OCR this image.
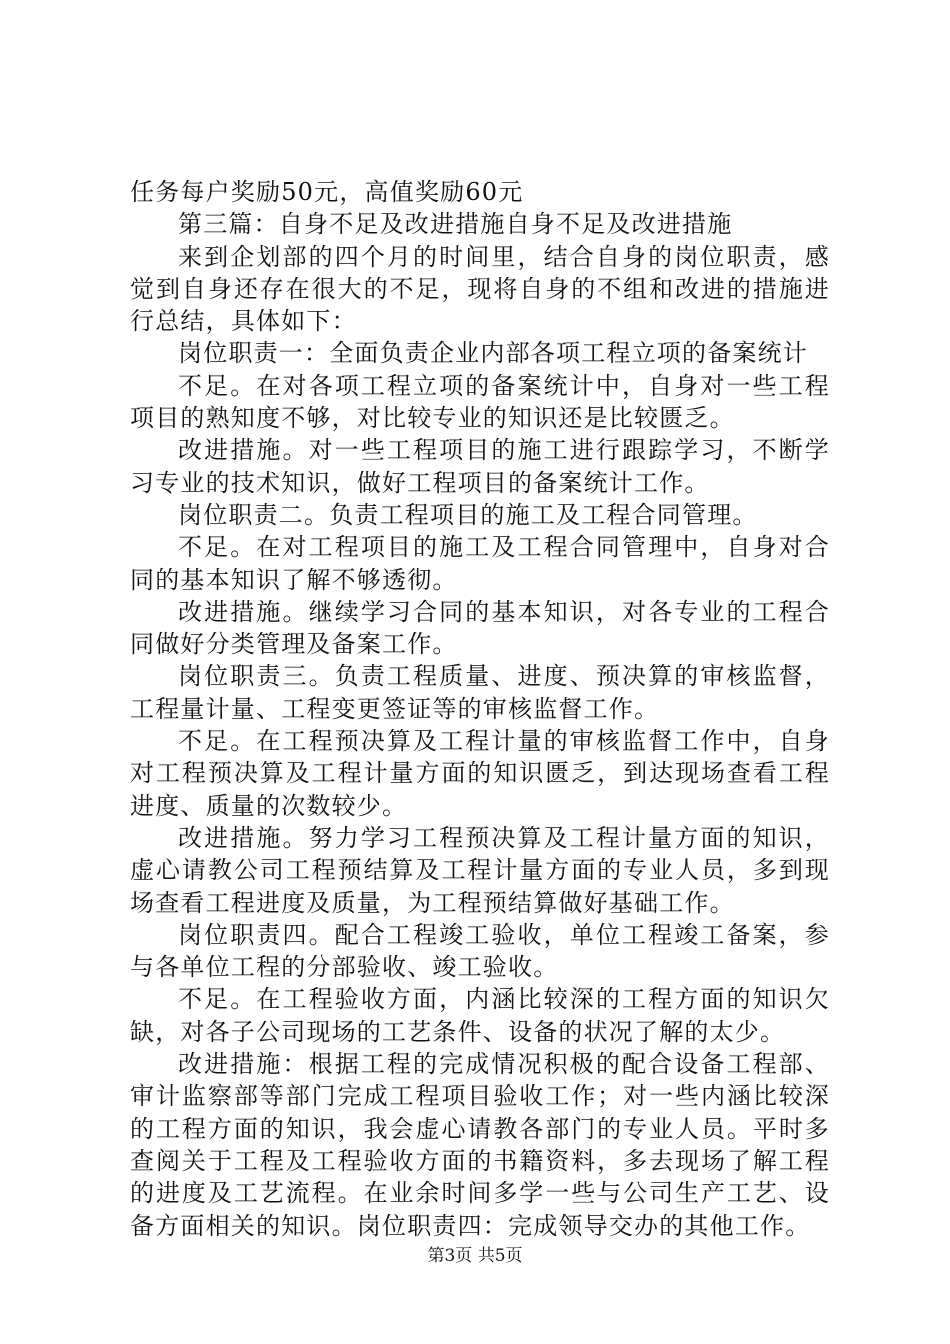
任务每户奖励50元，高值奖励60元

第三篇：自身不足及改进措施自身不足及改进措施

来到企划部的四个月的时间里，结合自身的岗位职责，感觉到自身还存在很大的不足，现将自身的不组和改进的措施进行总结，具体如下：

岗位职责一：全面负责企业内部各项工程立项的备案统计

不足。在对各项工程立项的备案统计中，自身对一些工程项目的熟知度不够，对比较专业的知识还是比较匮乏。

改进措施。对一些工程项目的施工进行跟踪学习，不断学习专业的技术知识，做好工程项目的备案统计工作。

岗位职责二。负责工程项目的施工及工程合同管理。

不足。在对工程项目的施工及工程合同管理中，自身对合同的基本知识了解不够透彻。

改进措施。继续学习合同的基本知识，对各专业的工程合同做好分类管理及备案工作。

岗位职责三。负责工程质量、进度、预决算的审核监督，工程量计量、工程变更签证等的审核监督工作。

不足。在工程预决算及工程计量的审核监督工作中，自身对工程预决算及工程计量方面的知识匮乏，到达现场查看工程进度、质量的次数较少。

改进措施。努力学习工程预决算及工程计量方面的知识，虚心请教公司工程预结算及工程计量方面的专业人员，多到现场查看工程进度及质量，为工程预结算做好基础工作。

岗位职责四。配合工程竣工验收，单位工程竣工备案，参与各单位工程的分部验收、竣工验收。

不足。在工程验收方面，内涵比较深的工程方面的知识欠缺，对各子公司现场的工艺条件、设备的状况了解的太少。

改进措施：根据工程的完成情况积极的配合设备工程部、审计监察部等部门完成工程项目验收工作；对一些内涵比较深的工程方面的知识，我会虚心请教各部门的专业人员。平时多查阅关于工程及工程验收方面的书籍资料，多去现场了解工程的进度及工艺流程。在业余时间多学一些与公司生产工艺、设备方面相关的知识。岗位职责四：完成领导交办的其他工作。

第3页 共5页
